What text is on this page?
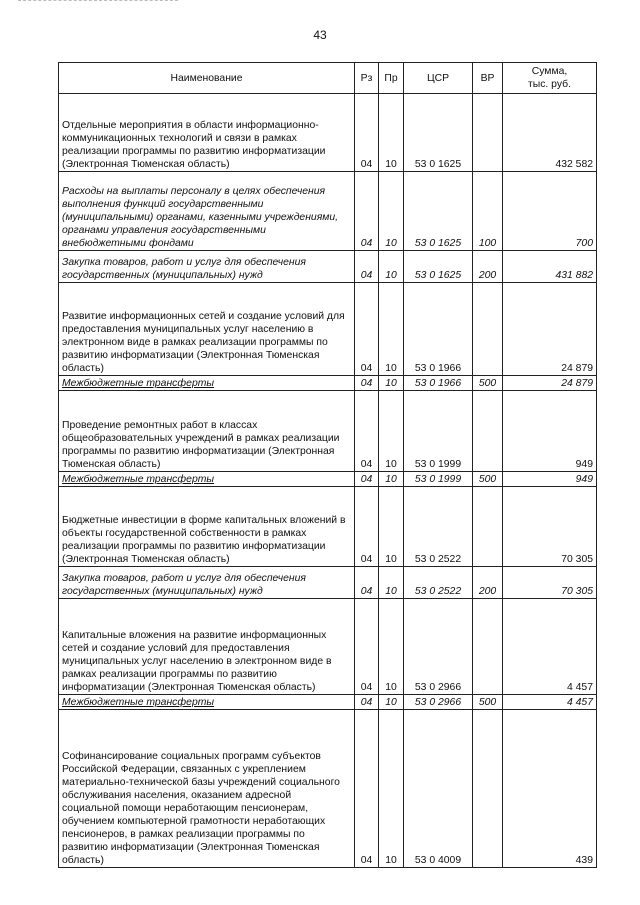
43
Наименование	Рз	Пр	ЦСР	ВР	Сумма,
тыс. руб.

Отдельные мероприятия в области информационно-коммуникационных технологий и связи в рамках реализации программы по развитию информатизации (Электронная Тюменская область)	04	10	53 0 1625		432 582
Расходы на выплаты персоналу в целях обеспечения выполнения функций государственными (муниципальными) органами, казенными учреждениями, органами управления государственными внебюджетными фондами	04	10	53 0 1625	100	700
Закупка товаров, работ и услуг для обеспечения государственных (муниципальных) нужд	04	10	53 0 1625	200	431 882
Развитие информационных сетей и создание условий для предоставления муниципальных услуг населению в электронном виде в рамках реализации программы по развитию информатизации (Электронная Тюменская область)	04	10	53 0 1966		24 879
Межбюджетные трансферты	04	10	53 0 1966	500	24 879
Проведение ремонтных работ в классах общеобразовательных учреждений в рамках реализации программы по развитию информатизации (Электронная Тюменская область)	04	10	53 0 1999		949
Межбюджетные трансферты	04	10	53 0 1999	500	949
Бюджетные инвестиции в форме капитальных вложений в объекты государственной собственности в рамках реализации программы по развитию информатизации (Электронная Тюменская область)	04	10	53 0 2522		70 305
Закупка товаров, работ и услуг для обеспечения государственных (муниципальных) нужд	04	10	53 0 2522	200	70 305
Капитальные вложения на развитие информационных сетей и создание условий для предоставления муниципальных услуг населению в электронном виде в рамках реализации программы по развитию информатизации (Электронная Тюменская область)	04	10	53 0 2966		4 457
Межбюджетные трансферты	04	10	53 0 2966	500	4 457
Софинансирование социальных программ субъектов Российской Федерации, связанных с укреплением материально-технической базы учреждений социального обслуживания населения, оказанием адресной социальной помощи неработающим пенсионерам, обучением компьютерной грамотности неработающих пенсионеров, в рамках реализации программы по развитию информатизации (Электронная Тюменская область)	04	10	53 0 4009		439
